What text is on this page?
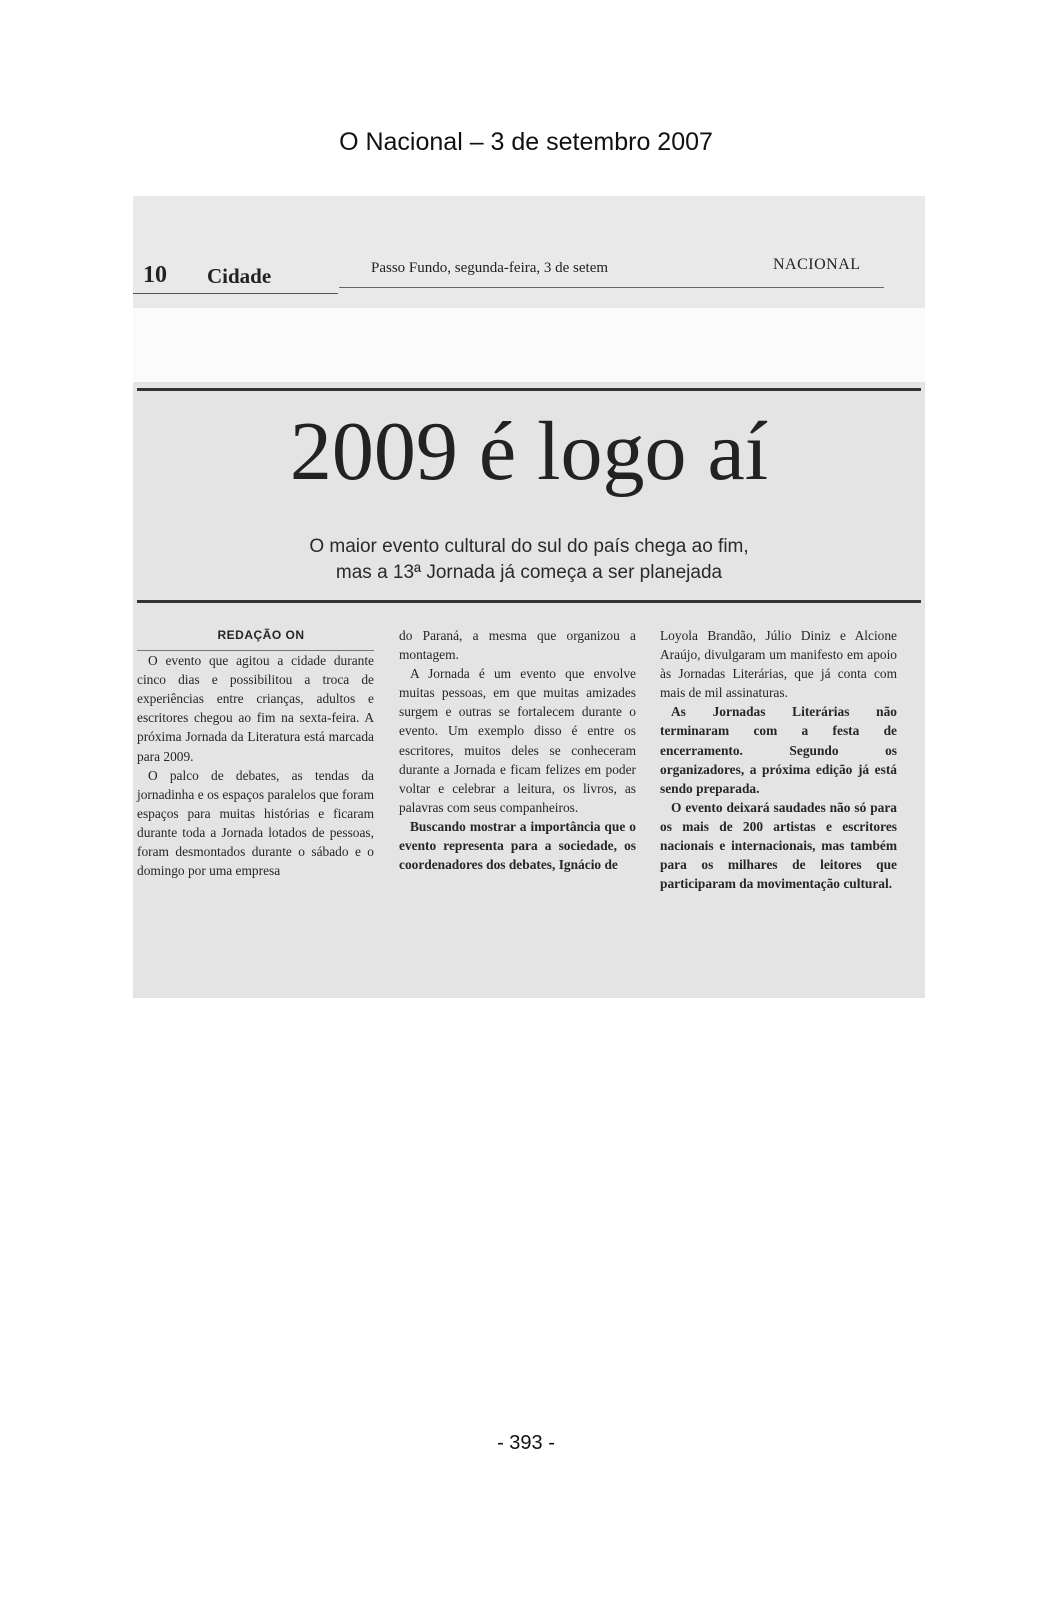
O Nacional – 3 de setembro 2007
10 Cidade	Passo Fundo, segunda-feira, 3 de setem	NACIONAL
2009 é logo aí
O maior evento cultural do sul do país chega ao fim,
mas a 13ª Jornada já começa a ser planejada

REDAÇÃO ON

O evento que agitou a cidade durante cinco dias e possibilitou a troca de experiências entre crianças, adultos e escritores chegou ao fim na sexta-feira. A próxima Jornada da Literatura está marcada para 2009.

O palco de debates, as tendas da jornadinha e os espaços paralelos que foram espaços para muitas histórias e ficaram durante toda a Jornada lotados de pessoas, foram desmontados durante o sábado e o domingo por uma empresa

do Paraná, a mesma que organizou a montagem.

A Jornada é um evento que envolve muitas pessoas, em que muitas amizades surgem e outras se fortalecem durante o evento. Um exemplo disso é entre os escritores, muitos deles se conheceram durante a Jornada e ficam felizes em poder voltar e celebrar a leitura, os livros, as palavras com seus companheiros.

Buscando mostrar a importância que o evento representa para a sociedade, os coordenadores dos debates, Ignácio de

Loyola Brandão, Júlio Diniz e Alcione Araújo, divulgaram um manifesto em apoio às Jornadas Literárias, que já conta com mais de mil assinaturas.

As Jornadas Literárias não terminaram com a festa de encerramento. Segundo os organizadores, a próxima edição já está sendo preparada.

O evento deixará saudades não só para os mais de 200 artistas e escritores nacionais e internacionais, mas também para os milhares de leitores que participaram da movimentação cultural.

- 393 -
